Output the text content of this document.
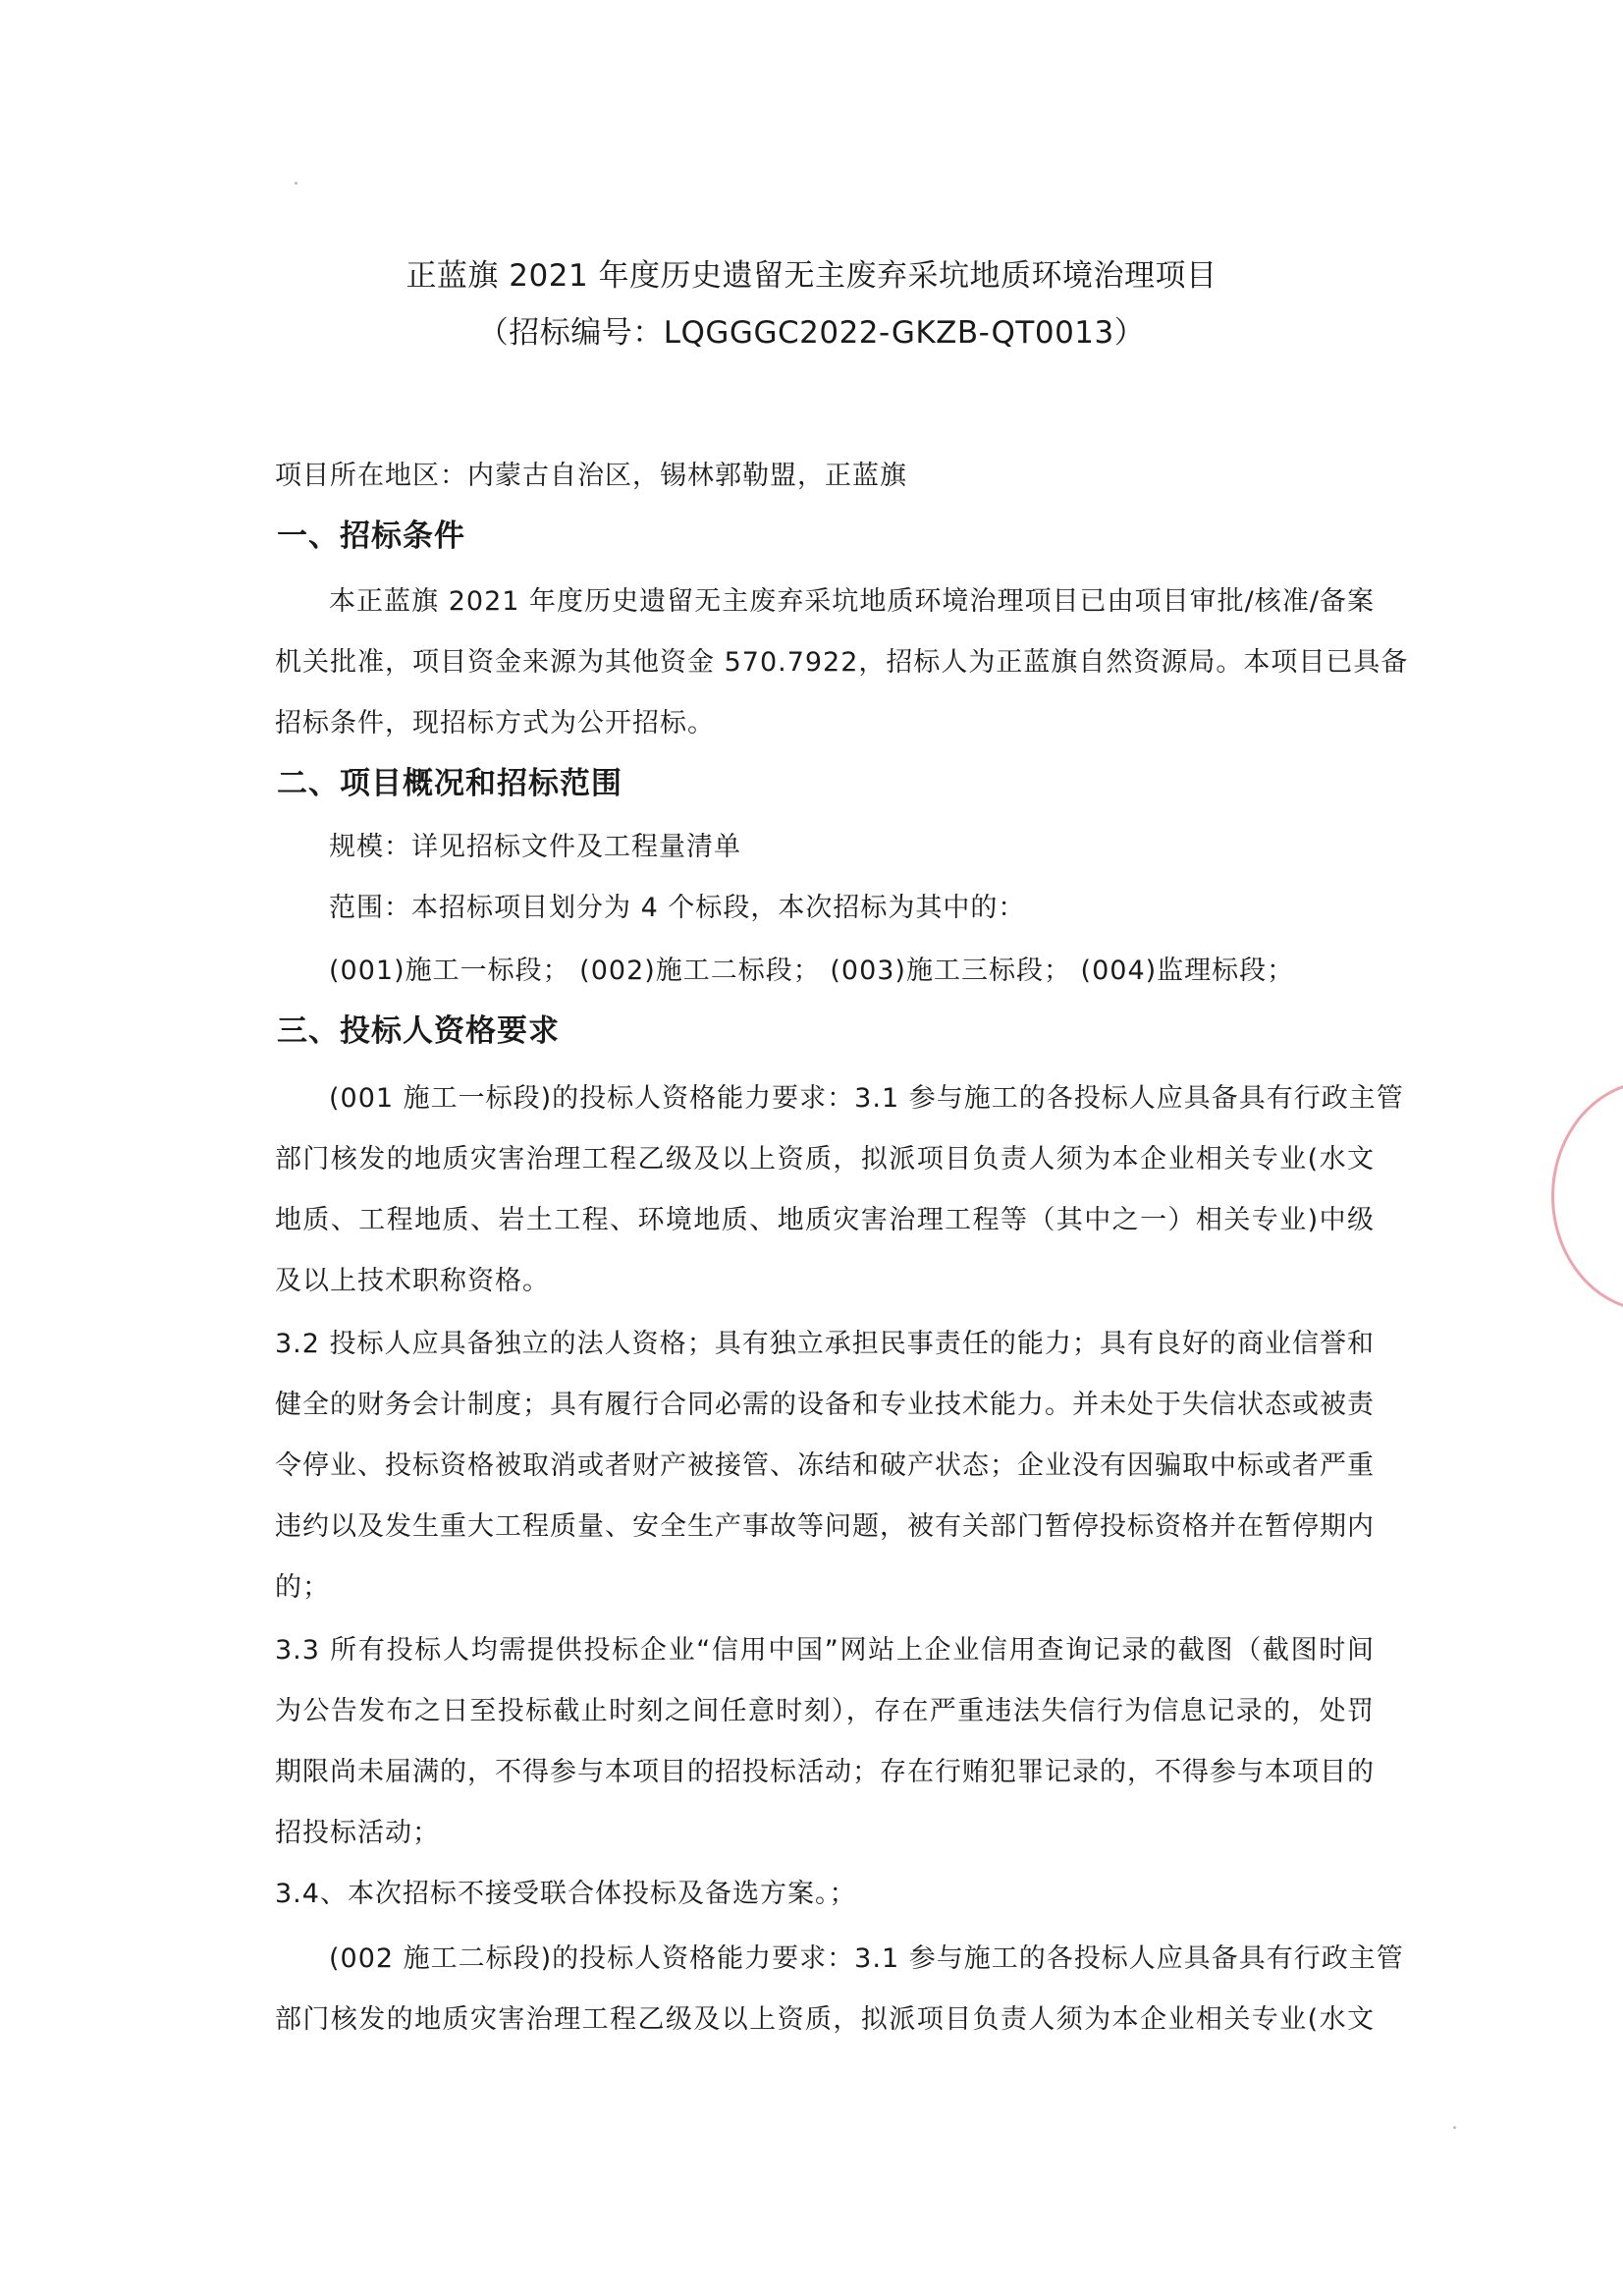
正蓝旗 2021 年度历史遗留无主废弃采坑地质环境治理项目
（招标编号：LQGGGC2022-GKZB-QT0013）
项目所在地区：内蒙古自治区，锡林郭勒盟，正蓝旗
一、招标条件
本正蓝旗 2021 年度历史遗留无主废弃采坑地质环境治理项目已由项目审批/核准/备案
机关批准，项目资金来源为其他资金 570.7922，招标人为正蓝旗自然资源局。本项目已具备
招标条件，现招标方式为公开招标。
二、项目概况和招标范围
规模：详见招标文件及工程量清单
范围：本招标项目划分为 4 个标段，本次招标为其中的：
(001)施工一标段； (002)施工二标段； (003)施工三标段； (004)监理标段；
三、投标人资格要求
(001 施工一标段)的投标人资格能力要求：3.1 参与施工的各投标人应具备具有行政主管
部门核发的地质灾害治理工程乙级及以上资质，拟派项目负责人须为本企业相关专业(水文
地质、工程地质、岩土工程、环境地质、地质灾害治理工程等（其中之一）相关专业)中级
及以上技术职称资格。
3.2 投标人应具备独立的法人资格；具有独立承担民事责任的能力；具有良好的商业信誉和
健全的财务会计制度；具有履行合同必需的设备和专业技术能力。并未处于失信状态或被责
令停业、投标资格被取消或者财产被接管、冻结和破产状态；企业没有因骗取中标或者严重
违约以及发生重大工程质量、安全生产事故等问题，被有关部门暂停投标资格并在暂停期内
的；
3.3 所有投标人均需提供投标企业“信用中国”网站上企业信用查询记录的截图（截图时间
为公告发布之日至投标截止时刻之间任意时刻），存在严重违法失信行为信息记录的，处罚
期限尚未届满的，不得参与本项目的招投标活动；存在行贿犯罪记录的，不得参与本项目的
招投标活动；
3.4、本次招标不接受联合体投标及备选方案。；
(002 施工二标段)的投标人资格能力要求：3.1 参与施工的各投标人应具备具有行政主管
部门核发的地质灾害治理工程乙级及以上资质，拟派项目负责人须为本企业相关专业(水文
